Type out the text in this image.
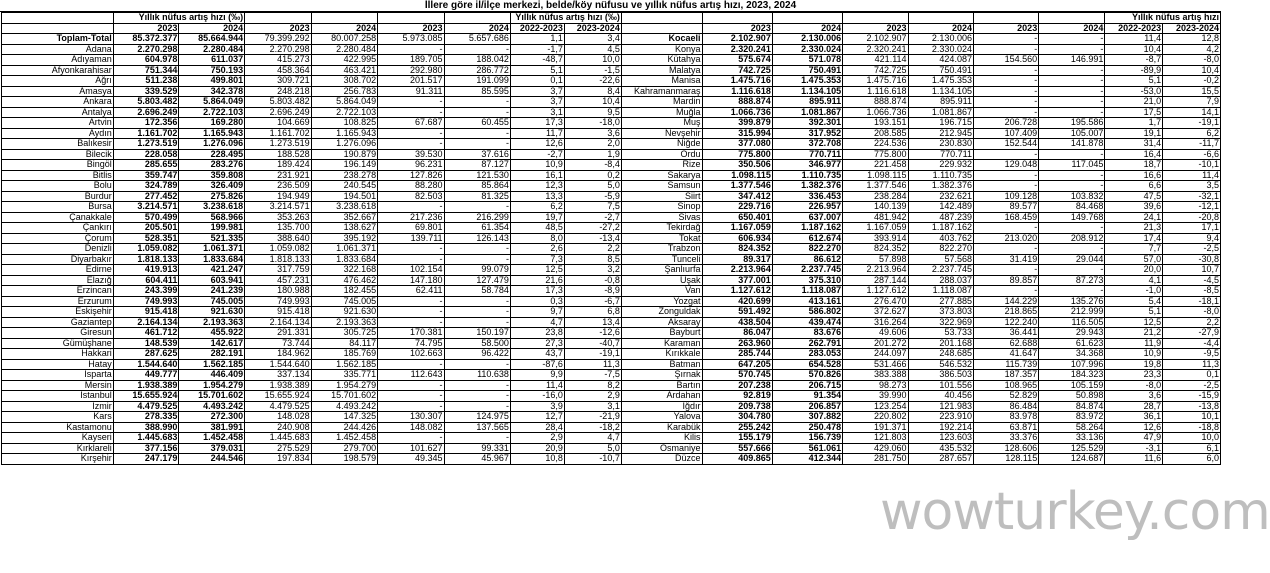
İllere göre il/ilçe merkezi, belde/köy nüfusu ve yıllık nüfus artış hızı, 2023, 2024
	Yıllık nüfus artış hızı (‰)						Yıllık nüfus artış hızı (‰)									Yıllık nüfus artış hızı	
	2023	2024	2023	2024	2023	2024	2022-2023	2023-2024		2023	2024	2023	2024	2023	2024	2022-2023	2023-2024
Toplam-Total	85.372.377	85.664.944	79.399.292	80.007.258	5.973.085	5.657.686	1,1	3,4	Kocaeli	2.102.907	2.130.006	2.102.907	2.130.006	-	-	11,4	12,8
Adana	2.270.298	2.280.484	2.270.298	2.280.484	-	-	-1,7	4,5	Konya	2.320.241	2.330.024	2.320.241	2.330.024	-	-	10,4	4,2
Adıyaman	604.978	611.037	415.273	422.995	189.705	188.042	-48,7	10,0	Kütahya	575.674	571.078	421.114	424.087	154.560	146.991	-8,7	-8,0
Afyonkarahisar	751.344	750.193	458.364	463.421	292.980	286.772	5,1	-1,5	Malatya	742.725	750.491	742.725	750.491	-	-	-89,9	10,4
Ağrı	511.238	499.801	309.721	308.702	201.517	191.099	0,1	-22,6	Manisa	1.475.716	1.475.353	1.475.716	1.475.353	-	-	5,1	-0,2
Amasya	339.529	342.378	248.218	256.783	91.311	85.595	3,7	8,4	Kahramanmaraş	1.116.618	1.134.105	1.116.618	1.134.105	-	-	-53,0	15,5
Ankara	5.803.482	5.864.049	5.803.482	5.864.049	-	-	3,7	10,4	Mardin	888.874	895.911	888.874	895.911	-	-	21,0	7,9
Antalya	2.696.249	2.722.103	2.696.249	2.722.103	-	-	3,1	9,5	Muğla	1.066.736	1.081.867	1.066.736	1.081.867	-	-	17,5	14,1
Artvin	172.356	169.280	104.669	108.825	67.687	60.455	17,3	-18,0	Muş	399.879	392.301	193.151	196.715	206.728	195.586	1,7	-19,1
Aydın	1.161.702	1.165.943	1.161.702	1.165.943	-	-	11,7	3,6	Nevşehir	315.994	317.952	208.585	212.945	107.409	105.007	19,1	6,2
Balıkesir	1.273.519	1.276.096	1.273.519	1.276.096	-	-	12,6	2,0	Niğde	377.080	372.708	224.536	230.830	152.544	141.878	31,4	-11,7
Bilecik	228.058	228.495	188.528	190.879	39.530	37.616	-2,7	1,9	Ordu	775.800	770.711	775.800	770.711	-	-	16,4	-6,6
Bingöl	285.655	283.276	189.424	196.149	96.231	87.127	10,9	-8,4	Rize	350.506	346.977	221.458	229.932	129.048	117.045	18,7	-10,1
Bitlis	359.747	359.808	231.921	238.278	127.826	121.530	16,1	0,2	Sakarya	1.098.115	1.110.735	1.098.115	1.110.735	-	-	16,6	11,4
Bolu	324.789	326.409	236.509	240.545	88.280	85.864	12,3	5,0	Samsun	1.377.546	1.382.376	1.377.546	1.382.376	-	-	6,6	3,5
Burdur	277.452	275.826	194.949	194.501	82.503	81.325	13,3	-5,9	Siirt	347.412	336.453	238.284	232.621	109.128	103.832	47,5	-32,1
Bursa	3.214.571	3.238.618	3.214.571	3.238.618	-	-	6,2	7,5	Sinop	229.716	226.957	140.139	142.489	89.577	84.468	39,6	-12,1
Çanakkale	570.499	568.966	353.263	352.667	217.236	216.299	19,7	-2,7	Sivas	650.401	637.007	481.942	487.239	168.459	149.768	24,1	-20,8
Çankırı	205.501	199.981	135.700	138.627	69.801	61.354	48,5	-27,2	Tekirdağ	1.167.059	1.187.162	1.167.059	1.187.162	-	-	21,3	17,1
Çorum	528.351	521.335	388.640	395.192	139.711	126.143	8,0	-13,4	Tokat	606.934	612.674	393.914	403.762	213.020	208.912	17,4	9,4
Denizli	1.059.082	1.061.371	1.059.082	1.061.371	-	-	2,6	2,2	Trabzon	824.352	822.270	824.352	822.270	-	-	7,7	-2,5
Diyarbakır	1.818.133	1.833.684	1.818.133	1.833.684	-	-	7,3	8,5	Tunceli	89.317	86.612	57.898	57.568	31.419	29.044	57,0	-30,8
Edirne	419.913	421.247	317.759	322.168	102.154	99.079	12,5	3,2	Şanlıurfa	2.213.964	2.237.745	2.213.964	2.237.745	-	-	20,0	10,7
Elazığ	604.411	603.941	457.231	476.462	147.180	127.479	21,6	-0,8	Uşak	377.001	375.310	287.144	288.037	89.857	87.273	4,1	-4,5
Erzincan	243.399	241.239	180.988	182.455	62.411	58.784	17,3	-8,9	Van	1.127.612	1.118.087	1.127.612	1.118.087	-	-	-1,0	-8,5
Erzurum	749.993	745.005	749.993	745.005	-	-	0,3	-6,7	Yozgat	420.699	413.161	276.470	277.885	144.229	135.276	5,4	-18,1
Eskişehir	915.418	921.630	915.418	921.630	-	-	9,7	6,8	Zonguldak	591.492	586.802	372.627	373.803	218.865	212.999	5,1	-8,0
Gaziantep	2.164.134	2.193.363	2.164.134	2.193.363	-	-	4,7	13,4	Aksaray	438.504	439.474	316.264	322.969	122.240	116.505	12,5	2,2
Giresun	461.712	455.922	291.331	305.725	170.381	150.197	23,8	-12,6	Bayburt	86.047	83.676	49.606	53.733	36.441	29.943	21,2	-27,9
Gümüşhane	148.539	142.617	73.744	84.117	74.795	58.500	27,3	-40,7	Karaman	263.960	262.791	201.272	201.168	62.688	61.623	11,9	-4,4
Hakkari	287.625	282.191	184.962	185.769	102.663	96.422	43,7	-19,1	Kırıkkale	285.744	283.053	244.097	248.685	41.647	34.368	10,9	-9,5
Hatay	1.544.640	1.562.185	1.544.640	1.562.185	-	-	-87,6	11,3	Batman	647.205	654.528	531.466	546.532	115.739	107.996	19,8	11,3
Isparta	449.777	446.409	337.134	335.771	112.643	110.638	9,9	-7,5	Şırnak	570.745	570.826	383.388	386.503	187.357	184.323	23,3	0,1
Mersin	1.938.389	1.954.279	1.938.389	1.954.279	-	-	11,4	8,2	Bartın	207.238	206.715	98.273	101.556	108.965	105.159	-8,0	-2,5
İstanbul	15.655.924	15.701.602	15.655.924	15.701.602	-	-	-16,0	2,9	Ardahan	92.819	91.354	39.990	40.456	52.829	50.898	3,6	-15,9
İzmir	4.479.525	4.493.242	4.479.525	4.493.242	-	-	3,9	3,1	Iğdır	209.738	206.857	123.254	121.983	86.484	84.874	28,7	-13,8
Kars	278.335	272.300	148.028	147.325	130.307	124.975	12,7	-21,9	Yalova	304.780	307.882	220.802	223.910	83.978	83.972	36,1	10,1
Kastamonu	388.990	381.991	240.908	244.426	148.082	137.565	28,4	-18,2	Karabük	255.242	250.478	191.371	192.214	63.871	58.264	12,6	-18,8
Kayseri	1.445.683	1.452.458	1.445.683	1.452.458	-	-	2,9	4,7	Kilis	155.179	156.739	121.803	123.603	33.376	33.136	47,9	10,0
Kırklareli	377.156	379.031	275.529	279.700	101.627	99.331	20,9	5,0	Osmaniye	557.666	561.061	429.060	435.532	128.606	125.529	-3,1	6,1
Kırşehir	247.179	244.546	197.834	198.579	49.345	45.967	10,8	-10,7	Düzce	409.865	412.344	281.750	287.657	128.115	124.687	11,6	6,0
wowturkey.com
